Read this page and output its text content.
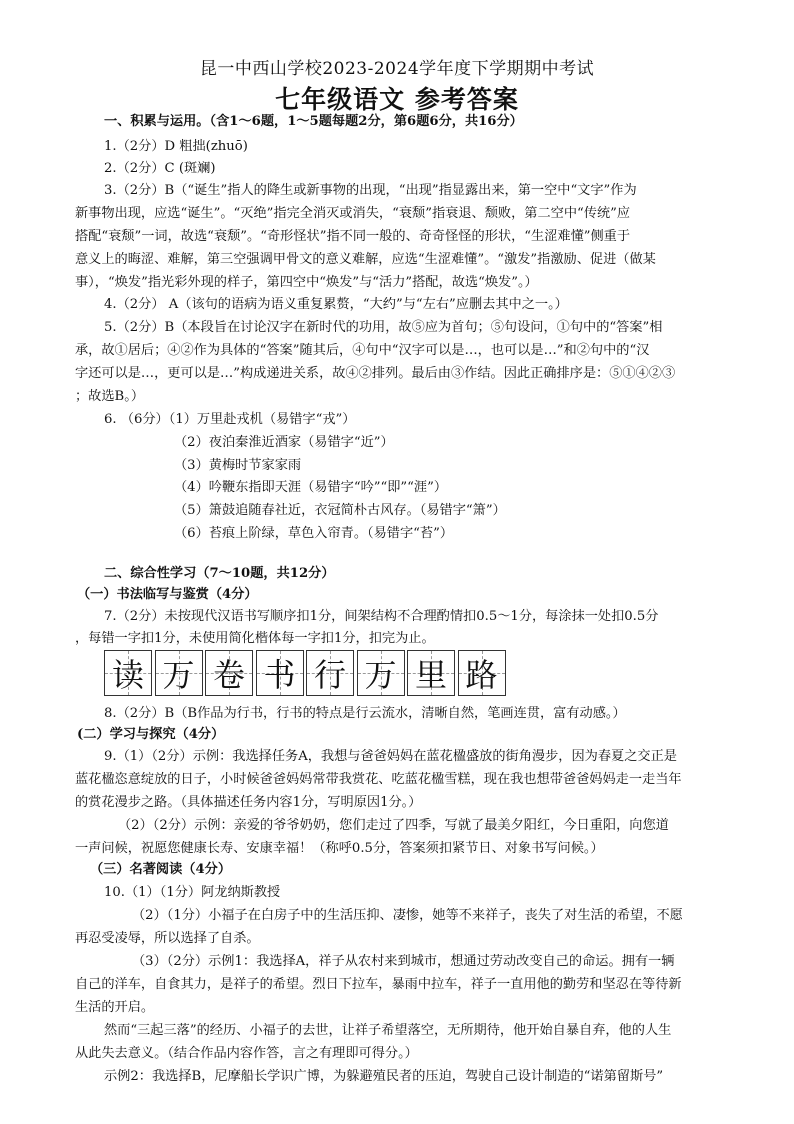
昆一中西山学校2023-2024学年度下学期期中考试
七年级语文 参考答案
一、积累与运用。（含1～6题，1～5题每题2分，第6题6分，共16分）
1.（2分）D 粗拙(zhuō)
2.（2分）C (斑斓)
3.（2分）B（“诞生”指人的降生或新事物的出现，“出现”指显露出来，第一空中“文字”作为
新事物出现，应选“诞生”。“灭绝”指完全消灭或消失，“衰颓”指衰退、颓败，第二空中“传统”应
搭配“衰颓”一词，故选“衰颓”。“奇形怪状”指不同一般的、奇奇怪怪的形状，“生涩难懂”侧重于
意义上的晦涩、难解，第三空强调甲骨文的意义难解，应选“生涩难懂”。“激发”指激励、促进（做某
事），“焕发”指光彩外现的样子，第四空中“焕发”与“活力”搭配，故选“焕发”。）
4.（2分） A（该句的语病为语义重复累赘，“大约”与“左右”应删去其中之一。）
5.（2分）B（本段旨在讨论汉字在新时代的功用，故⑤应为首句；⑤句设问，①句中的“答案”相
承，故①居后；④②作为具体的“答案”随其后，④句中“汉字可以是…，也可以是…”和②句中的“汉
字还可以是…，更可以是…”构成递进关系，故④②排列。最后由③作结。因此正确排序是：⑤①④②③
；故选B。）
6. （6分）（1）万里赴戎机（易错字“戎”）
（2）夜泊秦淮近酒家（易错字“近”）
（3）黄梅时节家家雨
（4）吟鞭东指即天涯（易错字“吟”“即”“涯”）
（5）箫鼓追随春社近，衣冠简朴古风存。（易错字“箫”）
（6）苔痕上阶绿，草色入帘青。（易错字“苔”）
二、综合性学习（7～10题，共12分）
（一）书法临写与鉴赏（4分）
7.（2分）未按现代汉语书写顺序扣1分，间架结构不合理酌情扣0.5～1分，每涂抹一处扣0.5分
，每错一字扣1分，未使用简化楷体每一字扣1分，扣完为止。
读 万 卷 书 行 万 里 路
8.（2分）B（B作品为行书，行书的特点是行云流水，清晰自然，笔画连贯，富有动感。）
(二）学习与探究（4分）
9.（1）（2分）示例：我选择任务A，我想与爸爸妈妈在蓝花楹盛放的街角漫步，因为春夏之交正是
蓝花楹恣意绽放的日子，小时候爸爸妈妈常带我赏花、吃蓝花楹雪糕，现在我也想带爸爸妈妈走一走当年
的赏花漫步之路。（具体描述任务内容1分，写明原因1分。）
（2）（2分）示例：亲爱的爷爷奶奶，您们走过了四季，写就了最美夕阳红，今日重阳，向您道
一声问候，祝愿您健康长寿、安康幸福！（称呼0.5分，答案须扣紧节日、对象书写问候。）
（三）名著阅读（4分）
10.（1）（1分）阿龙纳斯教授
（2）（1分）小福子在白房子中的生活压抑、凄惨，她等不来祥子，丧失了对生活的希望，不愿
再忍受凌辱，所以选择了自杀。
（3）（2分）示例1：我选择A，祥子从农村来到城市，想通过劳动改变自己的命运。拥有一辆
自己的洋车，自食其力，是祥子的希望。烈日下拉车，暴雨中拉车，祥子一直用他的勤劳和坚忍在等待新
生活的开启。
然而“三起三落”的经历、小福子的去世，让祥子希望落空，无所期待，他开始自暴自弃，他的人生
从此失去意义。（结合作品内容作答，言之有理即可得分。）
示例2：我选择B，尼摩船长学识广博，为躲避殖民者的压迫，驾驶自己设计制造的“诺第留斯号”
